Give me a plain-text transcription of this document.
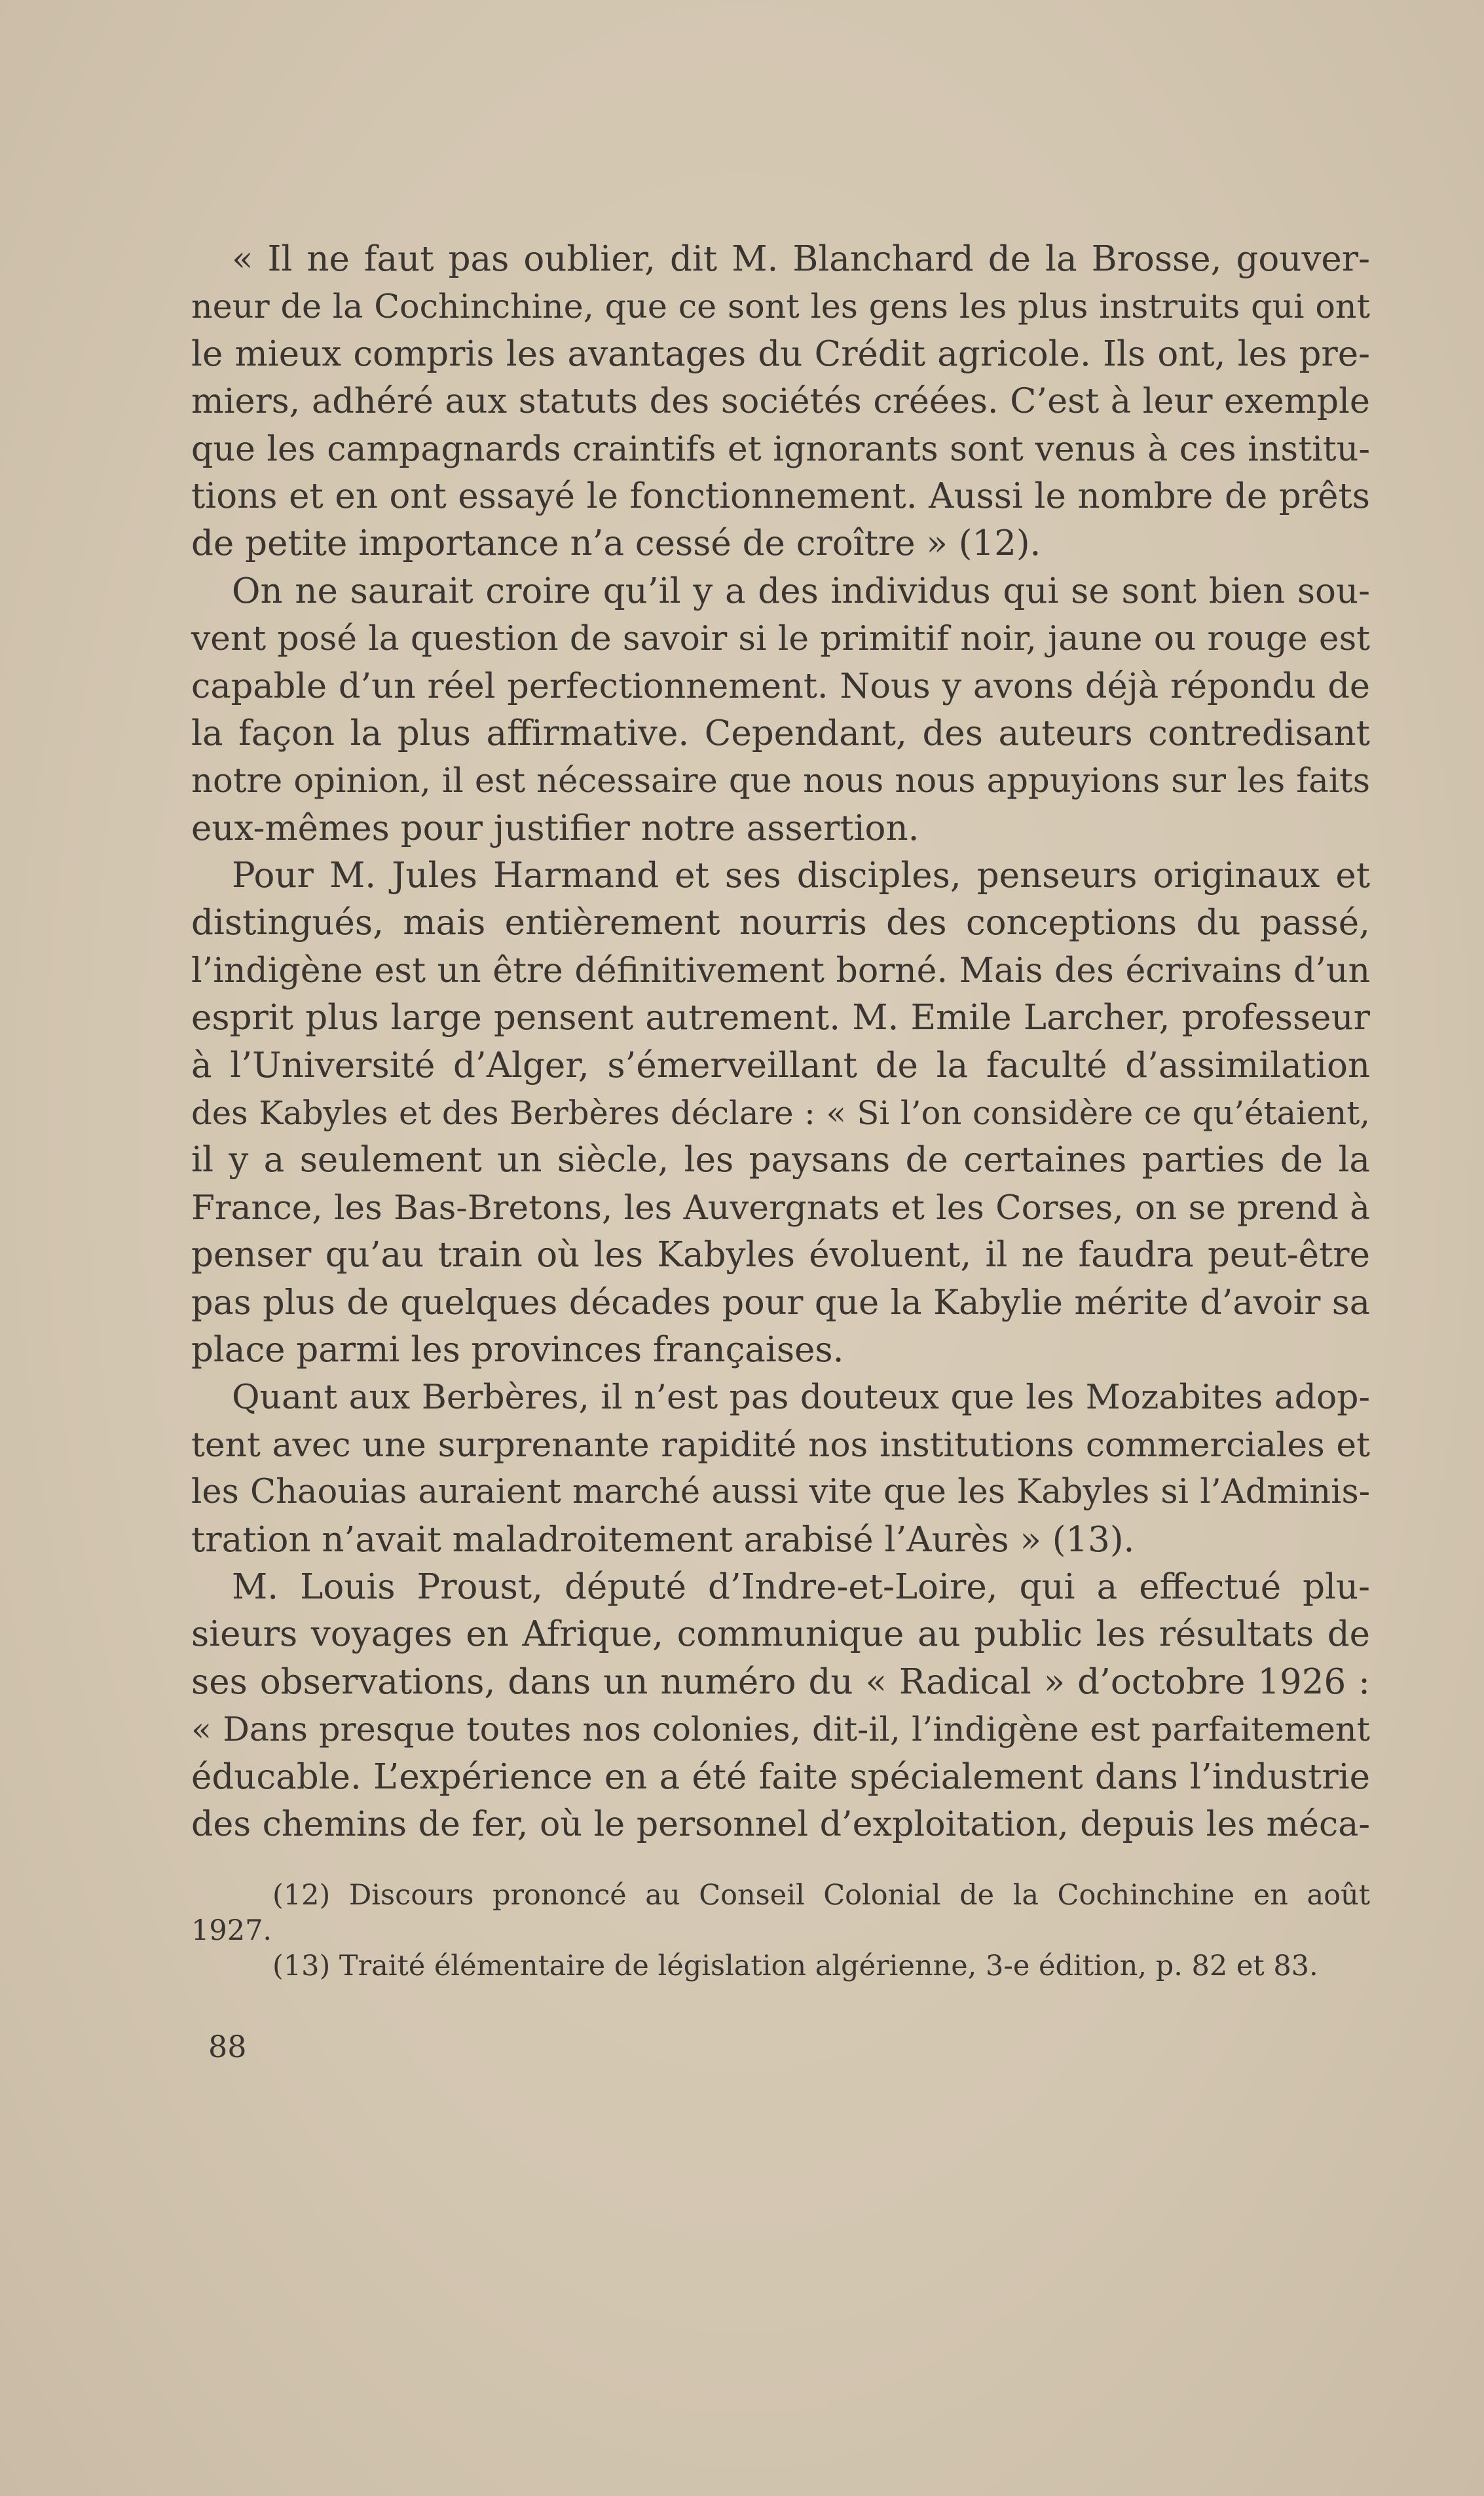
« Il ne faut pas oublier, dit M. Blanchard de la Brosse, gouver-
neur de la Cochinchine, que ce sont les gens les plus instruits qui ont
le mieux compris les avantages du Crédit agricole. Ils ont, les pre-
miers, adhéré aux statuts des sociétés créées. C’est à leur exemple
que les campagnards craintifs et ignorants sont venus à ces institu-
tions et en ont essayé le fonctionnement. Aussi le nombre de prêts
de petite importance n’a cessé de croître » (12).
On ne saurait croire qu’il y a des individus qui se sont bien sou-
vent posé la question de savoir si le primitif noir, jaune ou rouge est
capable d’un réel perfectionnement. Nous y avons déjà répondu de
la façon la plus affirmative. Cependant, des auteurs contredisant
notre opinion, il est nécessaire que nous nous appuyions sur les faits
eux-mêmes pour justifier notre assertion.
Pour M. Jules Harmand et ses disciples, penseurs originaux et
distingués, mais entièrement nourris des conceptions du passé,
l’indigène est un être définitivement borné. Mais des écrivains d’un
esprit plus large pensent autrement. M. Emile Larcher, professeur
à l’Université d’Alger, s’émerveillant de la faculté d’assimilation
des Kabyles et des Berbères déclare : « Si l’on considère ce qu’étaient,
il y a seulement un siècle, les paysans de certaines parties de la
France, les Bas-Bretons, les Auvergnats et les Corses, on se prend à
penser qu’au train où les Kabyles évoluent, il ne faudra peut-être
pas plus de quelques décades pour que la Kabylie mérite d’avoir sa
place parmi les provinces françaises.
Quant aux Berbères, il n’est pas douteux que les Mozabites adop-
tent avec une surprenante rapidité nos institutions commerciales et
les Chaouias auraient marché aussi vite que les Kabyles si l’Adminis-
tration n’avait maladroitement arabisé l’Aurès » (13).
M. Louis Proust, député d’Indre-et-Loire, qui a effectué plu-
sieurs voyages en Afrique, communique au public les résultats de
ses observations, dans un numéro du « Radical » d’octobre 1926 :
« Dans presque toutes nos colonies, dit-il, l’indigène est parfaitement
éducable. L’expérience en a été faite spécialement dans l’industrie
des chemins de fer, où le personnel d’exploitation, depuis les méca-
(12) Discours prononcé au Conseil Colonial de la Cochinchine en août
1927.
(13) Traité élémentaire de législation algérienne, 3-e édition, p. 82 et 83.
88
